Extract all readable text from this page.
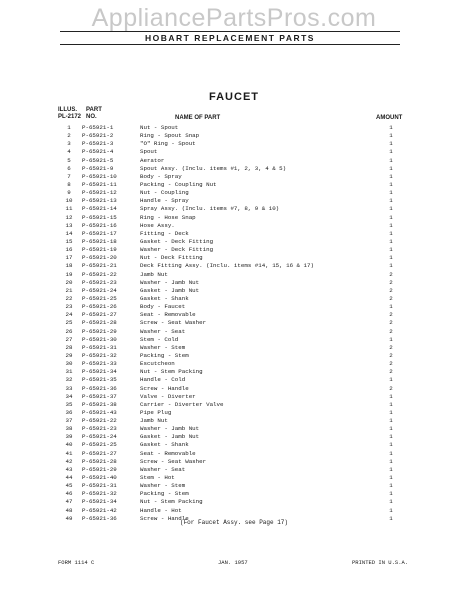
AppliancePartsPros.com
HOBART REPLACEMENT PARTS
FAUCET
ILLUS.
PL-2172
PART
NO.	NAME OF PART	AMOUNT
1	P-65921-1	Nut - Spout	1
2	P-65921-2	Ring - Spout Snap	1
3	P-65921-3	"O" Ring - Spout	1
4	P-65921-4	Spout	1
5	P-65921-5	Aerator	1
6	P-65921-9	Spout Assy. (Inclu. items #1, 2, 3, 4 & 5)	1
7	P-65921-10	Body - Spray	1
8	P-65921-11	Packing - Coupling Nut	1
9	P-65921-12	Nut - Coupling	1
10	P-65921-13	Handle - Spray	1
11	P-65921-14	Spray Assy. (Inclu. items #7, 8, 9 & 10)	1
12	P-65921-15	Ring - Hose Snap	1
13	P-65921-16	Hose Assy.	1
14	P-65921-17	Fitting - Deck	1
15	P-65921-18	Gasket - Deck Fitting	1
16	P-65921-19	Washer - Deck Fitting	1
17	P-65921-20	Nut - Deck Fitting	1
18	P-65921-21	Deck Fitting Assy. (Inclu. items #14, 15, 16 & 17)	1
19	P-65921-22	Jamb Nut	2
20	P-65921-23	Washer - Jamb Nut	2
21	P-65921-24	Gasket - Jamb Nut	2
22	P-65921-25	Gasket - Shank	2
23	P-65921-26	Body - Faucet	1
24	P-65921-27	Seat - Removable	2
25	P-65921-28	Screw - Seat Washer	2
26	P-65921-29	Washer - Seat	2
27	P-65921-30	Stem - Cold	1
28	P-65921-31	Washer - Stem	2
29	P-65921-32	Packing - Stem	2
30	P-65921-33	Escutcheon	2
31	P-65921-34	Nut - Stem Packing	2
32	P-65921-35	Handle - Cold	1
33	P-65921-36	Screw - Handle	2
34	P-65921-37	Valve - Diverter	1
35	P-65921-38	Carrier - Diverter Valve	1
36	P-65921-43	Pipe Plug	1
37	P-65921-22	Jamb Nut	1
38	P-65921-23	Washer - Jamb Nut	1
39	P-65921-24	Gasket - Jamb Nut	1
40	P-65921-25	Gasket - Shank	1
41	P-65921-27	Seat - Removable	1
42	P-65921-28	Screw - Seat Washer	1
43	P-65921-29	Washer - Seat	1
44	P-65921-40	Stem - Hot	1
45	P-65921-31	Washer - Stem	1
46	P-65921-32	Packing - Stem	1
47	P-65921-34	Nut - Stem Packing	1
48	P-65921-42	Handle - Hot	1
49	P-65921-36	Screw - Handle	1
(For Faucet Assy. see Page 17)
FORM 1114 C	JAN. 1957	PRINTED IN U.S.A.
